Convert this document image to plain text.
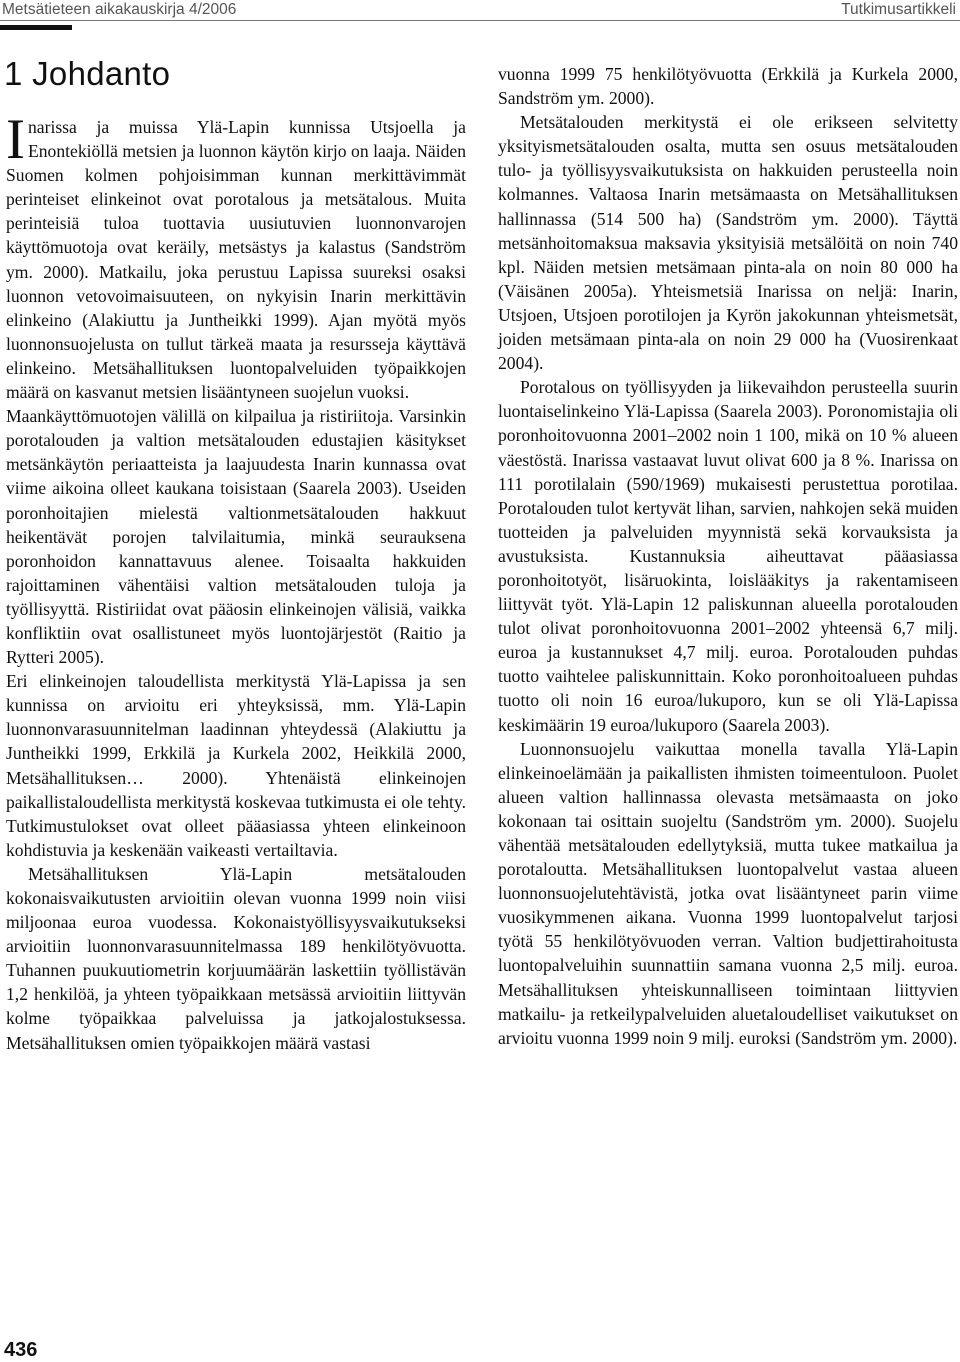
Metsätieteen aikakauskirja 4/2006	Tutkimusartikkeli
1 Johdanto

Inarissa ja muissa Ylä-Lapin kunnissa Utsjoella ja Enontekiöllä metsien ja luonnon käytön kirjo on laaja. Näiden Suomen kolmen pohjoisimman kunnan merkittävimmät perinteiset elinkeinot ovat porotalous ja metsätalous. Muita perinteisiä tuloa tuottavia uusiutuvien luonnonvarojen käyttömuotoja ovat keräily, metsästys ja kalastus (Sandström ym. 2000). Matkailu, joka perustuu Lapissa suureksi osaksi luonnon vetovoimaisuuteen, on nykyisin Inarin merkittävin elinkeino (Alakiuttu ja Juntheikki 1999). Ajan myötä myös luonnonsuojelusta on tullut tärkeä maata ja resursseja käyttävä elinkeino. Metsähallituksen luontopalveluiden työpaikkojen määrä on kasvanut metsien lisääntyneen suojelun vuoksi.

Maankäyttömuotojen välillä on kilpailua ja ristiriitoja. Varsinkin porotalouden ja valtion metsätalouden edustajien käsitykset metsänkäytön periaatteista ja laajuudesta Inarin kunnassa ovat viime aikoina olleet kaukana toisistaan (Saarela 2003). Useiden poronhoitajien mielestä valtionmetsätalouden hakkuut heikentävät porojen talvilaitumia, minkä seurauksena poronhoidon kannattavuus alenee. Toisaalta hakkuiden rajoittaminen vähentäisi valtion metsätalouden tuloja ja työllisyyttä. Ristiriidat ovat pääosin elinkeinojen välisiä, vaikka konfliktiin ovat osallistuneet myös luontojärjestöt (Raitio ja Rytteri 2005).

Eri elinkeinojen taloudellista merkitystä Ylä-Lapissa ja sen kunnissa on arvioitu eri yhteyksissä, mm. Ylä-Lapin luonnonvarasuunnitelman laadinnan yhteydessä (Alakiuttu ja Juntheikki 1999, Erkkilä ja Kurkela 2002, Heikkilä 2000, Metsähallituksen… 2000). Yhtenäistä elinkeinojen paikallistaloudellista merkitystä koskevaa tutkimusta ei ole tehty. Tutkimustulokset ovat olleet pääasiassa yhteen elinkeinoon kohdistuvia ja keskenään vaikeasti vertailtavia.

Metsähallituksen Ylä-Lapin metsätalouden kokonaisvaikutusten arvioitiin olevan vuonna 1999 noin viisi miljoonaa euroa vuodessa. Kokonaistyöllisyysvaikutukseksi arvioitiin luonnonvarasuunnitelmassa 189 henkilötyövuotta. Tuhannen puukuutiometrin korjuumäärän laskettiin työllistävän 1,2 henkilöä, ja yhteen työpaikkaan metsässä arvioitiin liittyvän kolme työpaikkaa palveluissa ja jatkojalostuksessa. Metsähallituksen omien työpaikkojen määrä vastasi

vuonna 1999 75 henkilötyövuotta (Erkkilä ja Kurkela 2000, Sandström ym. 2000).

Metsätalouden merkitystä ei ole erikseen selvitetty yksityismetsätalouden osalta, mutta sen osuus metsätalouden tulo- ja työllisyysvaikutuksista on hakkuiden perusteella noin kolmannes. Valtaosa Inarin metsämaasta on Metsähallituksen hallinnassa (514 500 ha) (Sandström ym. 2000). Täyttä metsänhoitomaksua maksavia yksityisiä metsälöitä on noin 740 kpl. Näiden metsien metsämaan pinta-ala on noin 80 000 ha (Väisänen 2005a). Yhteismetsiä Inarissa on neljä: Inarin, Utsjoen, Utsjoen porotilojen ja Kyrön jakokunnan yhteismetsät, joiden metsämaan pinta-ala on noin 29 000 ha (Vuosirenkaat 2004).

Porotalous on työllisyyden ja liikevaihdon perusteella suurin luontaiselinkeino Ylä-Lapissa (Saarela 2003). Poronomistajia oli poronhoitovuonna 2001–2002 noin 1 100, mikä on 10 % alueen väestöstä. Inarissa vastaavat luvut olivat 600 ja 8 %. Inarissa on 111 porotilalain (590/1969) mukaisesti perustettua porotilaa. Porotalouden tulot kertyvät lihan, sarvien, nahkojen sekä muiden tuotteiden ja palveluiden myynnistä sekä korvauksista ja avustuksista. Kustannuksia aiheuttavat pääasiassa poronhoitotyöt, lisäruokinta, loislääkitys ja rakentamiseen liittyvät työt. Ylä-Lapin 12 paliskunnan alueella porotalouden tulot olivat poronhoitovuonna 2001–2002 yhteensä 6,7 milj. euroa ja kustannukset 4,7 milj. euroa. Porotalouden puhdas tuotto vaihtelee paliskunnittain. Koko poronhoitoalueen puhdas tuotto oli noin 16 euroa/lukuporo, kun se oli Ylä-Lapissa keskimäärin 19 euroa/lukuporo (Saarela 2003).

Luonnonsuojelu vaikuttaa monella tavalla Ylä-Lapin elinkeinoelämään ja paikallisten ihmisten toimeentuloon. Puolet alueen valtion hallinnassa olevasta metsämaasta on joko kokonaan tai osittain suojeltu (Sandström ym. 2000). Suojelu vähentää metsätalouden edellytyksiä, mutta tukee matkailua ja porotaloutta. Metsähallituksen luontopalvelut vastaa alueen luonnonsuojelutehtävistä, jotka ovat lisääntyneet parin viime vuosikymmenen aikana. Vuonna 1999 luontopalvelut tarjosi työtä 55 henkilötyövuoden verran. Valtion budjettirahoitusta luontopalveluihin suunnattiin samana vuonna 2,5 milj. euroa. Metsähallituksen yhteiskunnalliseen toimintaan liittyvien matkailu- ja retkeilypalveluiden aluetaloudelliset vaikutukset on arvioitu vuonna 1999 noin 9 milj. euroksi (Sandström ym. 2000).

436
